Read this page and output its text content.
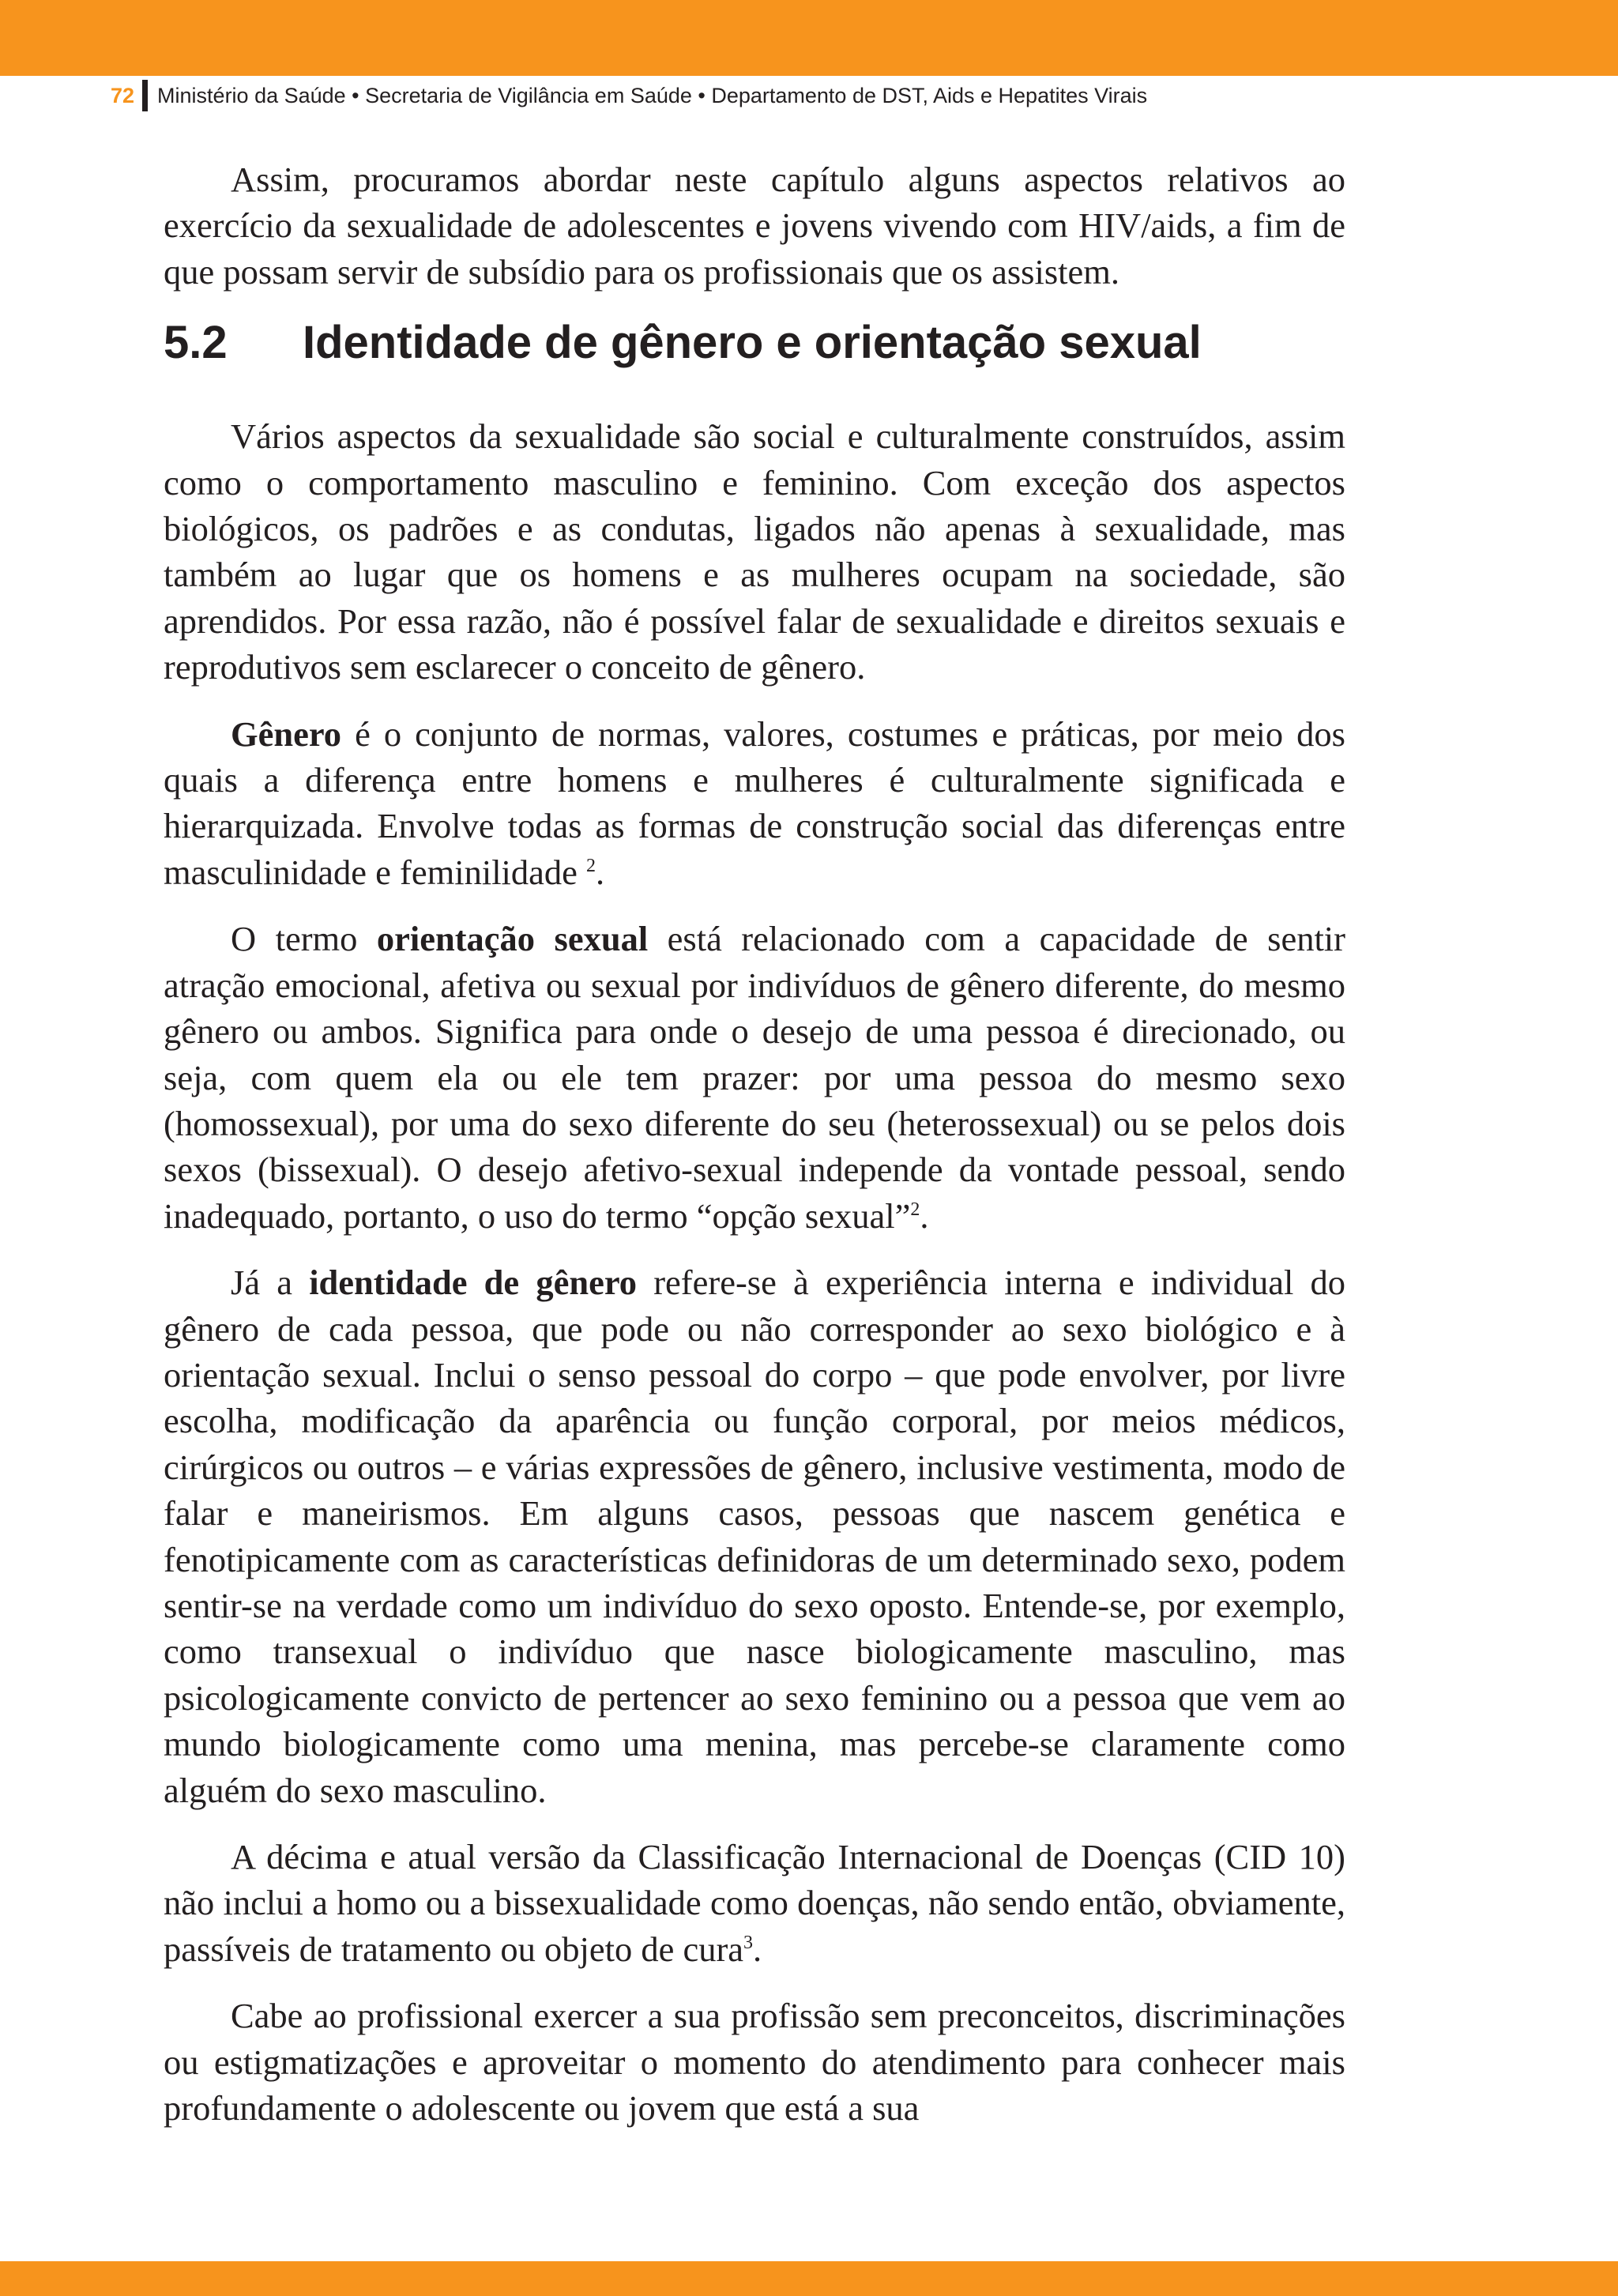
72 Ministério da Saúde • Secretaria de Vigilância em Saúde • Departamento de DST, Aids e Hepatites Virais

Assim, procuramos abordar neste capítulo alguns aspectos relativos ao exercício da sexualidade de adolescentes e jovens vivendo com HIV/aids, a fim de que possam servir de subsídio para os profissionais que os assistem.

5.2	Identidade de gênero e orientação sexual

Vários aspectos da sexualidade são social e culturalmente construídos, assim como o comportamento masculino e feminino. Com exceção dos aspectos biológicos, os padrões e as condutas, ligados não apenas à sexualidade, mas também ao lugar que os homens e as mulheres ocupam na sociedade, são aprendidos. Por essa razão, não é possível falar de sexualidade e direitos sexuais e reprodutivos sem esclarecer o conceito de gênero.

Gênero é o conjunto de normas, valores, costumes e práticas, por meio dos quais a diferença entre homens e mulheres é culturalmente significada e hierarquizada. Envolve todas as formas de construção social das diferenças entre masculinidade e feminilidade $^2$.

O termo orientação sexual está relacionado com a capacidade de sentir atração emocional, afetiva ou sexual por indivíduos de gênero diferente, do mesmo gênero ou ambos. Significa para onde o desejo de uma pessoa é direcionado, ou seja, com quem ela ou ele tem prazer: por uma pessoa do mesmo sexo (homossexual), por uma do sexo diferente do seu (heterossexual) ou se pelos dois sexos (bissexual). O desejo afetivo-sexual independe da vontade pessoal, sendo inadequado, portanto, o uso do termo “opção sexual”$^2$.

Já a identidade de gênero refere-se à experiência interna e individual do gênero de cada pessoa, que pode ou não corresponder ao sexo biológico e à orientação sexual. Inclui o senso pessoal do corpo – que pode envolver, por livre escolha, modificação da aparência ou função corporal, por meios médicos, cirúrgicos ou outros – e várias expressões de gênero, inclusive vestimenta, modo de falar e maneirismos. Em alguns casos, pessoas que nascem genética e fenotipicamente com as características definidoras de um determinado sexo, podem sentir-se na verdade como um indivíduo do sexo oposto. Entende-se, por exemplo, como transexual o indivíduo que nasce biologicamente masculino, mas psicologicamente convicto de pertencer ao sexo feminino ou a pessoa que vem ao mundo biologicamente como uma menina, mas percebe-se claramente como alguém do sexo masculino.

A décima e atual versão da Classificação Internacional de Doenças (CID 10) não inclui a homo ou a bissexualidade como doenças, não sendo então, obviamente, passíveis de tratamento ou objeto de cura$^3$.

Cabe ao profissional exercer a sua profissão sem preconceitos, discriminações ou estigmatizações e aproveitar o momento do atendimento para conhecer mais profundamente o adolescente ou jovem que está a sua
